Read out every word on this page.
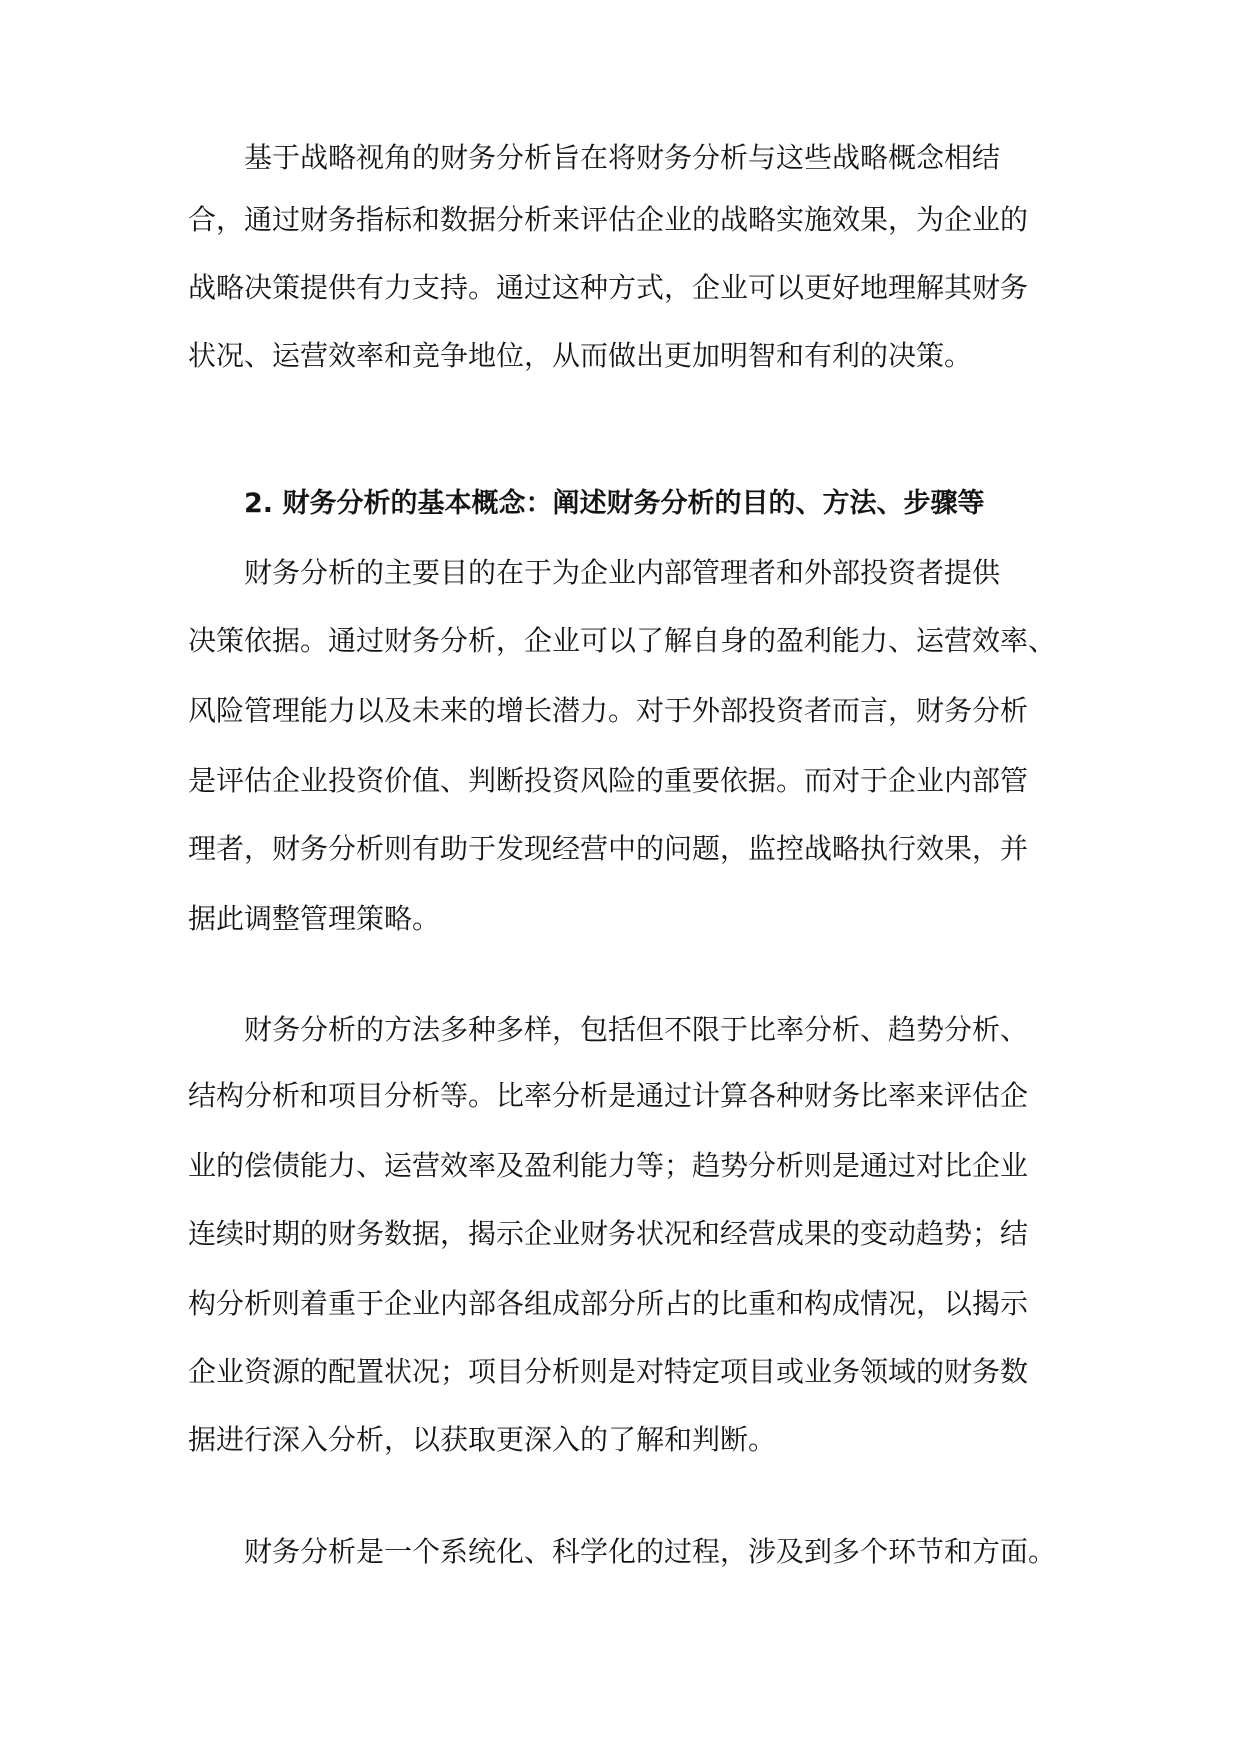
基于战略视角的财务分析旨在将财务分析与这些战略概念相结
合，通过财务指标和数据分析来评估企业的战略实施效果，为企业的
战略决策提供有力支持。通过这种方式，企业可以更好地理解其财务
状况、运营效率和竞争地位，从而做出更加明智和有利的决策。
2. 财务分析的基本概念：阐述财务分析的目的、方法、步骤等
财务分析的主要目的在于为企业内部管理者和外部投资者提供
决策依据。通过财务分析，企业可以了解自身的盈利能力、运营效率、
风险管理能力以及未来的增长潜力。对于外部投资者而言，财务分析
是评估企业投资价值、判断投资风险的重要依据。而对于企业内部管
理者，财务分析则有助于发现经营中的问题，监控战略执行效果，并
据此调整管理策略。
财务分析的方法多种多样，包括但不限于比率分析、趋势分析、
结构分析和项目分析等。比率分析是通过计算各种财务比率来评估企
业的偿债能力、运营效率及盈利能力等；趋势分析则是通过对比企业
连续时期的财务数据，揭示企业财务状况和经营成果的变动趋势；结
构分析则着重于企业内部各组成部分所占的比重和构成情况，以揭示
企业资源的配置状况；项目分析则是对特定项目或业务领域的财务数
据进行深入分析，以获取更深入的了解和判断。
财务分析是一个系统化、科学化的过程，涉及到多个环节和方面。
